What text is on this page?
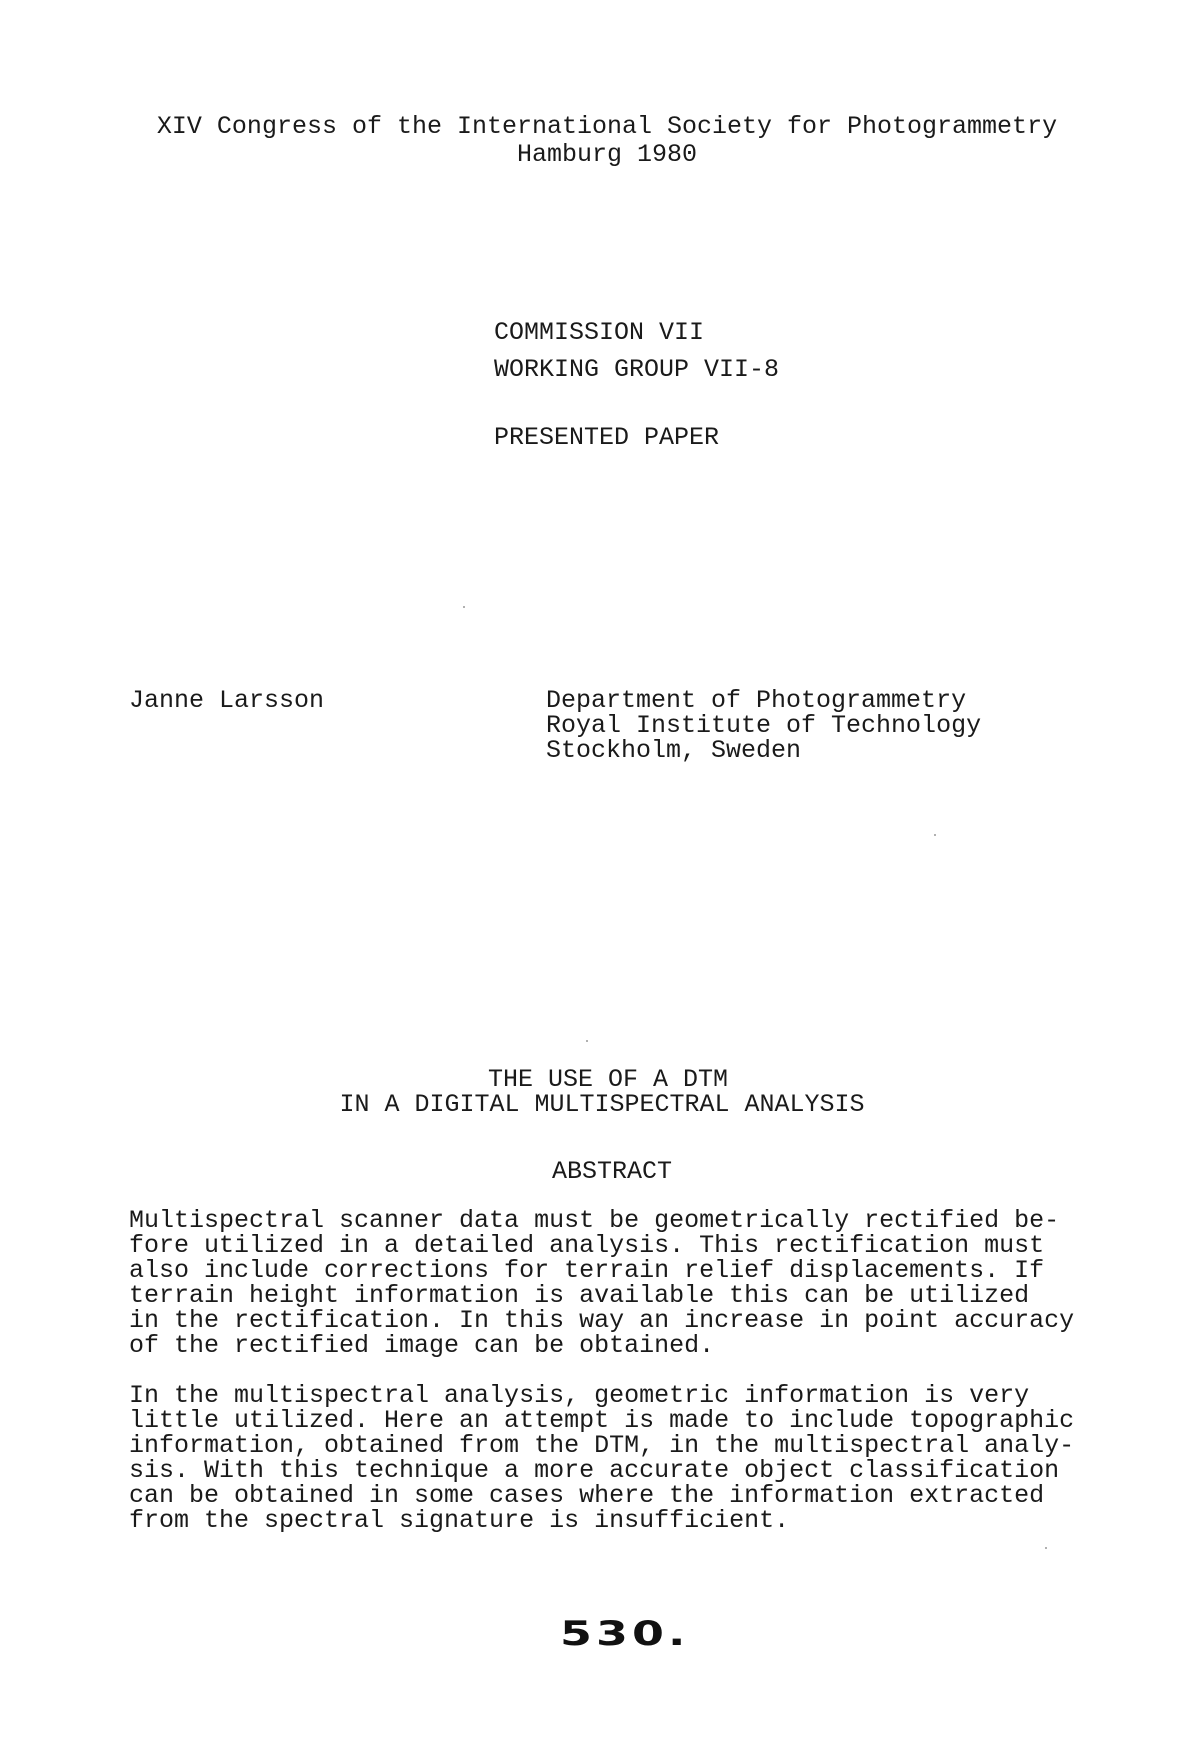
XIV Congress of the International Society for Photogrammetry

Hamburg 1980

COMMISSION VII

WORKING GROUP VII-8

PRESENTED PAPER

Janne Larsson	Department of Photogrammetry

Royal Institute of Technology

Stockholm, Sweden

THE USE OF A DTM

IN A DIGITAL MULTISPECTRAL ANALYSIS

ABSTRACT

Multispectral scanner data must be geometrically rectified be-

fore utilized in a detailed analysis. This rectification must

also include corrections for terrain relief displacements. If

terrain height information is available this can be utilized

in the rectification. In this way an increase in point accuracy

of the rectified image can be obtained.

In the multispectral analysis, geometric information is very

little utilized. Here an attempt is made to include topographic

information, obtained from the DTM, in the multispectral analy-

sis. With this technique a more accurate object classification

can be obtained in some cases where the information extracted

from the spectral signature is insufficient.

530.
